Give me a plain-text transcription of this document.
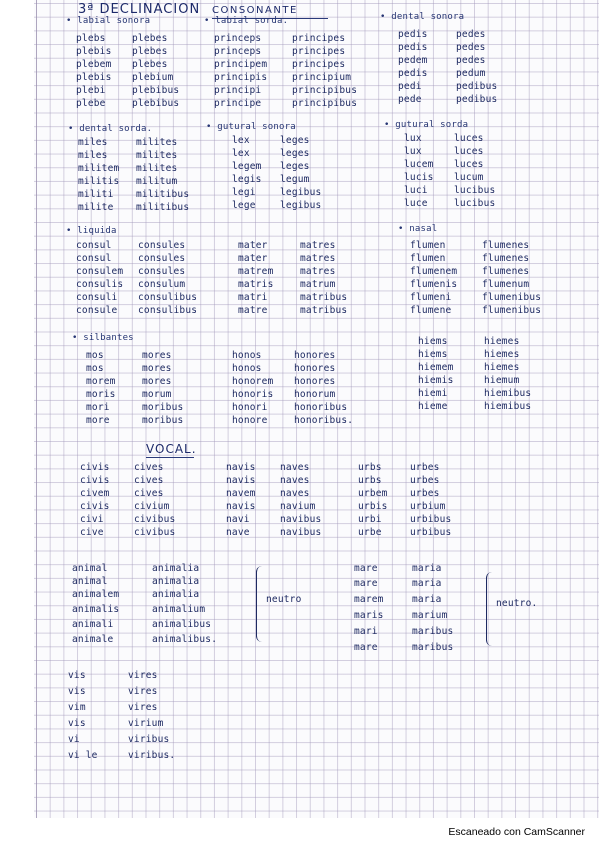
3ª DECLINACION CONSONANTE
• labial sonora	• labial sorda.	• dental sonora
plebs	plebes
plebis plebes
plebem plebes
plebis plebium
plebi	plebibus
plebe	plebibus
princeps	principes
princeps	principes
principem	principes
principis	principium
principi	principibus
principe	principibus
pedis	pedes
pedis	pedes
pedem	pedes
pedis	pedum
pedi	pedibus
pede	pedibus
• dental sorda.	• gutural sonora	• gutural sorda
miles	milites
miles	milites
militem milites
militis militum
militi militibus
milite militibus
lex	leges
lex	leges
legem leges
legis legum
legi	legibus
lege	legibus
lux	luces
lux	luces
lucem luces
lucis lucum
luci	lucibus
luce	lucibus
• liquida	• nasal
consul	consules
consul	consules
consulem consules
consulis consulum
consuli consulibus
consule consulibus
mater	matres
mater	matres
matrem	matres
matris	matrum
matri	matribus
matre	matribus
flumen	flumenes
flumen	flumenes
flumenem	flumenes
flumenis	flumenum
flumeni	flumenibus
flumene	flumenibus
• silbantes
mos	mores
mos	mores
morem	mores
moris	morum
mori	moribus
more	moribus
honos	honores
honos	honores
honorem honores
honoris honorum
honori	honoribus
honore	honoribus.
hiems	hiemes
hiems	hiemes
hiemem	hiemes
hiemis	hiemum
hiemi	hiemibus
hieme	hiemibus
VOCAL.
civis	cives
civis	cives
civem	cives
civis	civium
civi	civibus
cive	civibus
navis	naves
navis	naves
navem	naves
navis	navium
navi	navibus
nave	navibus
urbs	urbes
urbs	urbes
urbem urbes
urbis urbium
urbi	urbibus
urbe	urbibus
animal	animalia
animal	animalia
animalem	animalia
animalis	animalium
animali	animalibus
animale	animalibus.
neutro
mare	maria
mare	maria
marem	maria
maris	marium
mari	maribus
mare	maribus
neutro.
vis	vires
vis	vires
vim	vires
vis	virium
vi	viribus
vi le	viribus.
Escaneado con CamScanner
